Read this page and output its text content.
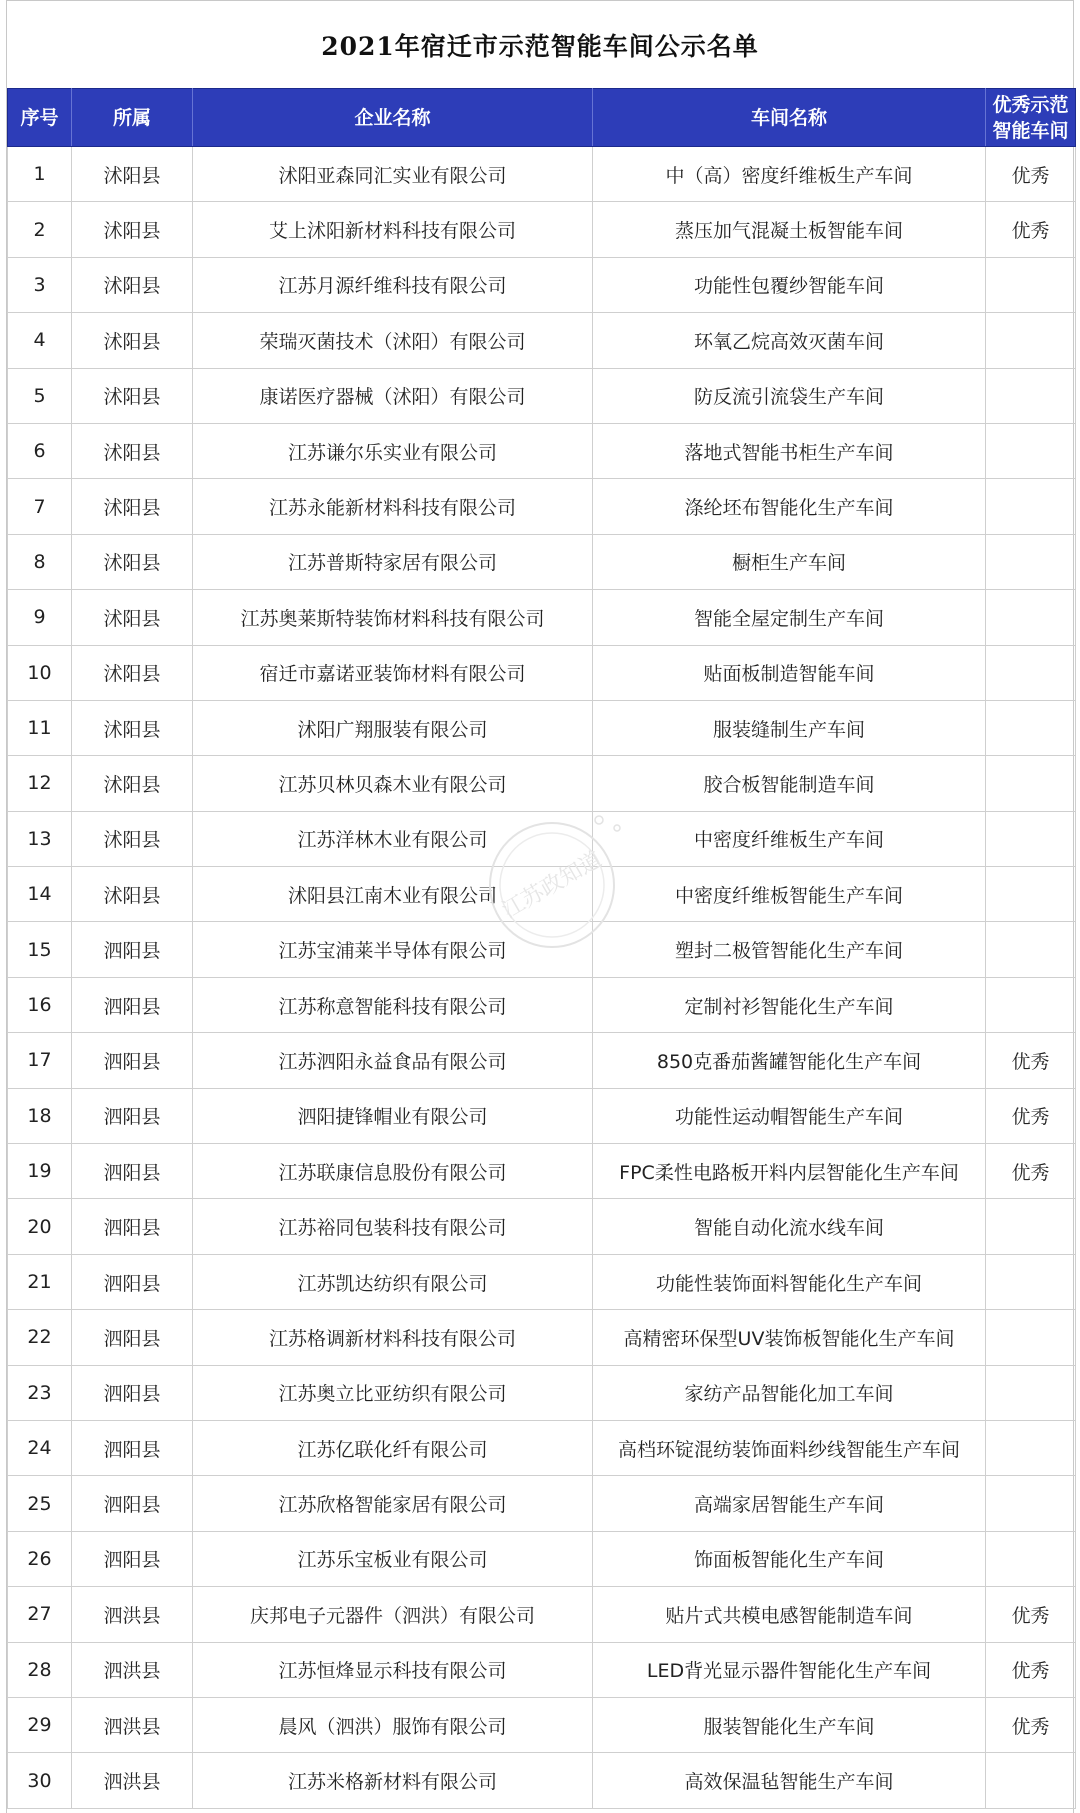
2021年宿迁市示范智能车间公示名单
序号	所属	企业名称	车间名称	优秀示范智能车间
1	沭阳县	沭阳亚森同汇实业有限公司	中（高）密度纤维板生产车间	优秀
2	沭阳县	艾上沭阳新材料科技有限公司	蒸压加气混凝土板智能车间	优秀
3	沭阳县	江苏月源纤维科技有限公司	功能性包覆纱智能车间	
4	沭阳县	荣瑞灭菌技术（沭阳）有限公司	环氧乙烷高效灭菌车间	
5	沭阳县	康诺医疗器械（沭阳）有限公司	防反流引流袋生产车间	
6	沭阳县	江苏谦尔乐实业有限公司	落地式智能书柜生产车间	
7	沭阳县	江苏永能新材料科技有限公司	涤纶坯布智能化生产车间	
8	沭阳县	江苏普斯特家居有限公司	橱柜生产车间	
9	沭阳县	江苏奥莱斯特装饰材料科技有限公司	智能全屋定制生产车间	
10	沭阳县	宿迁市嘉诺亚装饰材料有限公司	贴面板制造智能车间	
11	沭阳县	沭阳广翔服装有限公司	服装缝制生产车间	
12	沭阳县	江苏贝林贝森木业有限公司	胶合板智能制造车间	
13	沭阳县	江苏洋林木业有限公司	中密度纤维板生产车间	
14	沭阳县	沭阳县江南木业有限公司	中密度纤维板智能生产车间	
15	泗阳县	江苏宝浦莱半导体有限公司	塑封二极管智能化生产车间	
16	泗阳县	江苏称意智能科技有限公司	定制衬衫智能化生产车间	
17	泗阳县	江苏泗阳永益食品有限公司	850克番茄酱罐智能化生产车间	优秀
18	泗阳县	泗阳捷锋帽业有限公司	功能性运动帽智能生产车间	优秀
19	泗阳县	江苏联康信息股份有限公司	FPC柔性电路板开料内层智能化生产车间	优秀
20	泗阳县	江苏裕同包装科技有限公司	智能自动化流水线车间	
21	泗阳县	江苏凯达纺织有限公司	功能性装饰面料智能化生产车间	
22	泗阳县	江苏格调新材料科技有限公司	高精密环保型UV装饰板智能化生产车间	
23	泗阳县	江苏奥立比亚纺织有限公司	家纺产品智能化加工车间	
24	泗阳县	江苏亿联化纤有限公司	高档环锭混纺装饰面料纱线智能生产车间	
25	泗阳县	江苏欣格智能家居有限公司	高端家居智能生产车间	
26	泗阳县	江苏乐宝板业有限公司	饰面板智能化生产车间	
27	泗洪县	庆邦电子元器件（泗洪）有限公司	贴片式共模电感智能制造车间	优秀
28	泗洪县	江苏恒烽显示科技有限公司	LED背光显示器件智能化生产车间	优秀
29	泗洪县	晨风（泗洪）服饰有限公司	服装智能化生产车间	优秀
30	泗洪县	江苏米格新材料有限公司	高效保温毡智能生产车间	
江苏政知道
